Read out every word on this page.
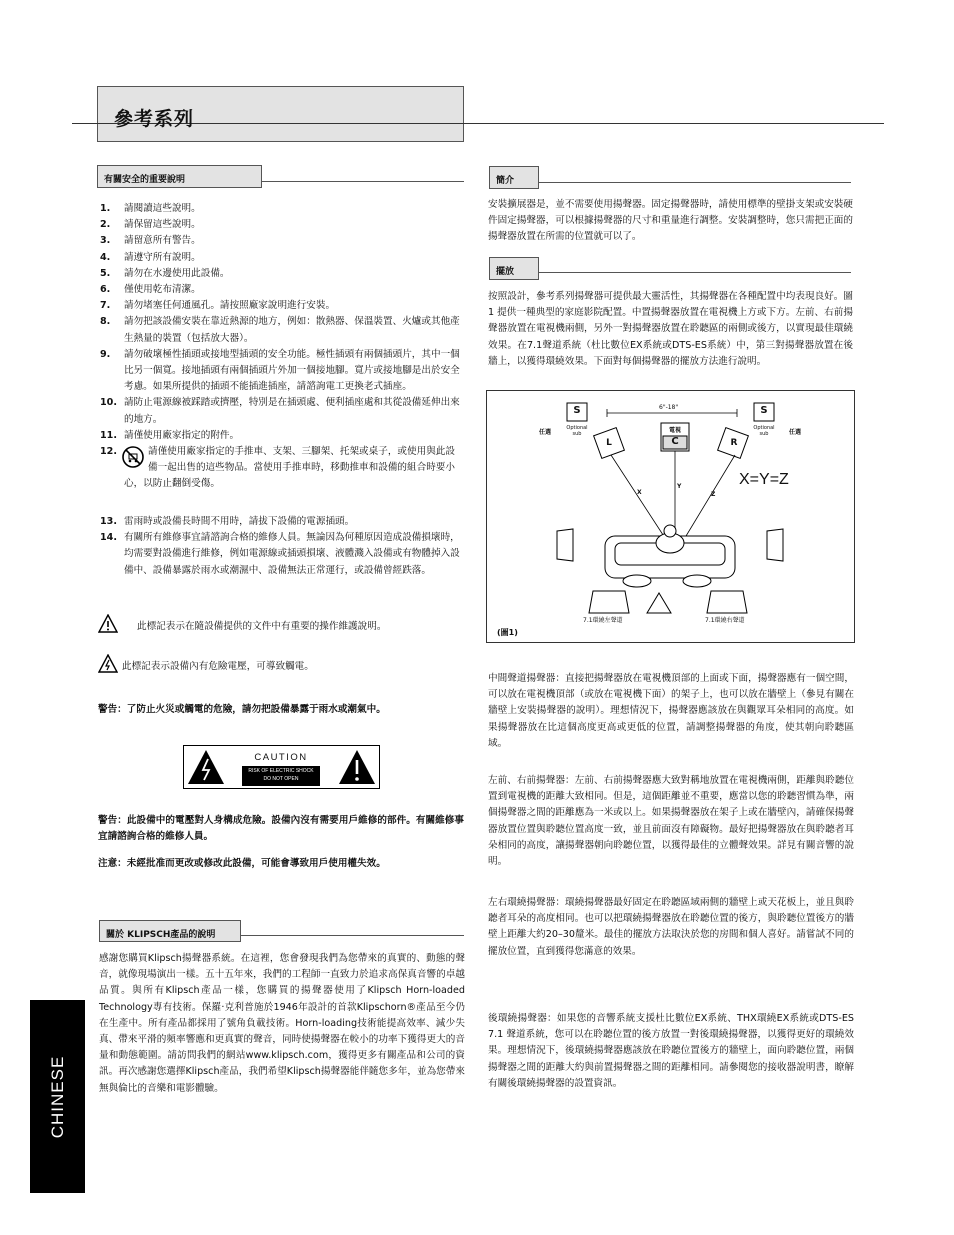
參考系列
有關安全的重要說明
1. 請閱讀這些說明。
2. 請保留這些說明。
3. 請留意所有警告。
4. 請遵守所有說明。
5. 請勿在水邊使用此設備。
6. 僅使用乾布清潔。
7. 請勿堵塞任何通風孔。請按照廠家說明進行安裝。
8. 請勿把該設備安裝在靠近熱源的地方，例如：散熱器、保溫裝置、火爐或其他產生熱量的裝置（包括放大器）。
9. 請勿破壞極性插頭或接地型插頭的安全功能。極性插頭有兩個插頭片，其中一個比另一個寬。接地插頭有兩個插頭片外加一個接地腳。寬片或接地腳是出於安全考慮。如果所提供的插頭不能插進插座，請諮詢電工更換老式插座。
10. 請防止電源線被踩踏或擠壓，特別是在插頭處、便利插座處和其從設備延伸出來的地方。
11. 請僅使用廠家指定的附件。
12.	請僅使用廠家指定的手推車、支架、三腳架、托架或桌子，或使用與此設備一起出售的這些物品。當使用手推車時，移動推車和設備的組合時要小心，以防止翻倒受傷。
13. 雷雨時或設備長時間不用時，請拔下設備的電源插頭。
14. 有關所有維修事宜請諮詢合格的維修人員。無論因為何種原因造成設備損壞時，均需要對設備進行維修，例如電源線或插頭損壞、液體濺入設備或有物體掉入設備中、設備暴露於雨水或潮濕中、設備無法正常運行，或設備曾經跌落。
此標記表示在隨設備提供的文件中有重要的操作維護說明。
此標記表示設備內有危險電壓，可導致觸電。
警告：了防止火災或觸電的危險，請勿把設備暴露于雨水或潮氣中。
CAUTION
RISK OF ELECTRIC SHOCK
DO NOT OPEN
警告：此設備中的電壓對人身構成危險。設備內沒有需要用戶維修的部件。有關維修事宜請諮詢合格的維修人員。
注意：未經批准而更改或修改此設備，可能會導致用戶使用權失效。
關於 KLIPSCH產品的說明
感謝您購買Klipsch揚聲器系統。在這裡，您會發現我們為您帶來的真實的、動態的聲音，就像現場演出一樣。五十五年來，我們的工程師一直致力於追求高保真音響的卓越品質。與所有Klipsch產品一樣，您購買的揚聲器使用了Klipsch Horn-loaded Technology專有技術。保羅·克利普施於1946年設計的首款Klipschorn®產品至今仍在生產中。所有產品都採用了號角負載技術。Horn-loading技術能提高效率、減少失真、帶來平滑的頻率響應和更真實的聲音，同時使揚聲器在較小的功率下獲得更大的音量和動態範圍。請訪問我們的網站www.klipsch.com，獲得更多有關產品和公司的資訊。再次感謝您選擇Klipsch產品，我們希望Klipsch揚聲器能伴隨您多年，並為您帶來無與倫比的音樂和電影體驗。
CHINESE
簡介
安裝擴展器是，並不需要使用揚聲器。固定揚聲器時，請使用標準的壁掛支架或安裝硬件固定揚聲器，可以根據揚聲器的尺寸和重量進行調整。安裝調整時，您只需把正面的揚聲器放置在所需的位置就可以了。
擺放
按照設計，參考系列揚聲器可提供最大靈活性，其揚聲器在各種配置中均表現良好。圖1 提供一種典型的家庭影院配置。中置揚聲器放置在電視機上方或下方。左前、右前揚聲器放置在電視機兩側，另外一對揚聲器放置在聆聽區的兩側或後方，以實現最佳環繞效果。在7.1聲道系統（杜比數位EX系統或DTS-ES系統）中，第三對揚聲器放置在後牆上，以獲得環繞效果。下面對每個揚聲器的擺放方法進行說明。
S	S
任選	任選
Optional sub
Optional sub
6"-18"
電視
C
L	R
X
Y
Z
X=Y=Z
7.1環繞左聲道	7.1環繞右聲道
(圖1)
中間聲道揚聲器：直接把揚聲器放在電視機頂部的上面或下面，揚聲器應有一個空間，可以放在電視機頂部（或放在電視機下面）的架子上，也可以放在牆壁上（參見有關在牆壁上安裝揚聲器的說明）。理想情況下，揚聲器應該放在與觀眾耳朵相同的高度。如果揚聲器放在比這個高度更高或更低的位置，請調整揚聲器的角度，使其朝向聆聽區域。
左前、右前揚聲器：左前、右前揚聲器應大致對稱地放置在電視機兩側，距離與聆聽位置到電視機的距離大致相同。但是，這個距離並不重要，應當以您的聆聽習慣為準，兩個揚聲器之間的距離應為一米或以上。如果揚聲器放在架子上或在牆壁內，請確保揚聲器放置位置與聆聽位置高度一致，並且前面沒有障礙物。最好把揚聲器放在與聆聽者耳朵相同的高度，讓揚聲器朝向聆聽位置，以獲得最佳的立體聲效果。詳見有關音響的說明。
左右環繞揚聲器：環繞揚聲器最好固定在聆聽區域兩側的牆壁上或天花板上，並且與聆聽者耳朵的高度相同。也可以把環繞揚聲器放在聆聽位置的後方，與聆聽位置後方的牆壁上距離大約20–30釐米。最佳的擺放方法取決於您的房間和個人喜好。請嘗試不同的擺放位置，直到獲得您滿意的效果。
後環繞揚聲器：如果您的音響系統支援杜比數位EX系統、THX環繞EX系統或DTS-ES 7.1 聲道系統，您可以在聆聽位置的後方放置一對後環繞揚聲器，以獲得更好的環繞效果。理想情況下，後環繞揚聲器應該放在聆聽位置後方的牆壁上，面向聆聽位置，兩個揚聲器之間的距離大約與前置揚聲器之間的距離相同。請參閱您的接收器說明書，瞭解有關後環繞揚聲器的設置資訊。
